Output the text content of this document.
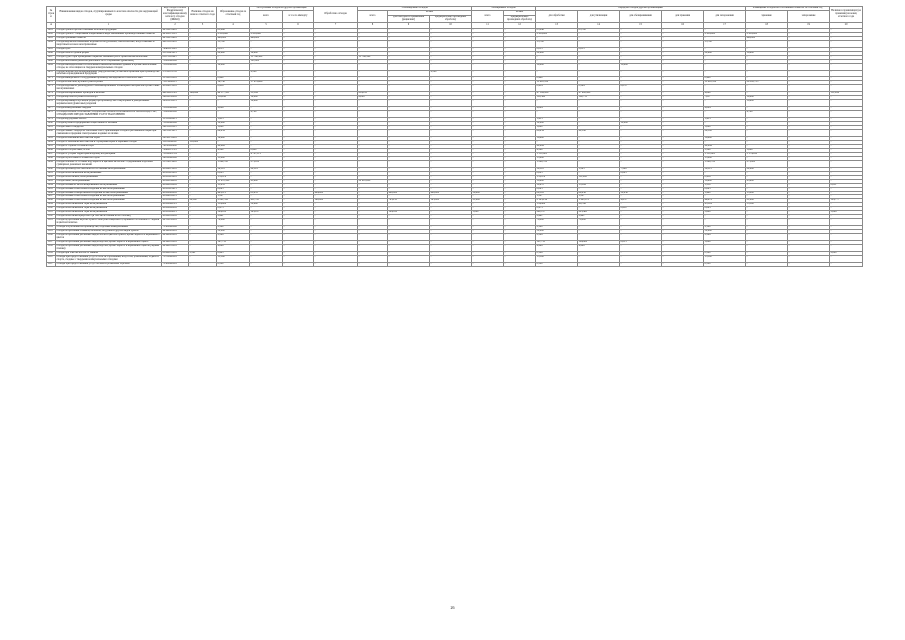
№ строки	Наименование видов отходов, сгруппированных по классам опасности для окружающей среды	Код отхода согласно Федеральному классификационному каталогу отходов (ФККО)	Наличие отходов на начало отчетного года	Образование отходов за отчетный год	Поступление отходов из других организаций		Обработано отходов	Утилизировано отходов			Обезврежено отходов		Передача отходов другим организациям					Размещение отходов на собственных объектах за отчетный год		Наличие в хранилищах (на хранении) на конец отчетного года
					всего	в т.ч. по импорту		всего	из них		всего	из них	для обработки	для утилизации	для обезвреживания	для хранения	для захоронения	хранение	захоронение	
									для повторного применения (рециклинг)	предварительно прошедших обработку		предварительно прошедших обработку								
А	1	2	3	4	5	6	7	8	9	10	11	12	13	14	15	16	17	18	19	20
1061	отходы бумаги при изготовлении печатной продукции	40512211605	-	85,248	-	-	-	-	-	-	-	-	85,248	85,700	-	-	-	-	-	-
1062	отходы бумаги с защитными покрытиями в виде линованных производственных пакетов	40520111525	-	2 938,900	2 938,900	-	-	-	-	-	-	-	2 938,900	-	-	-	2 938,900	2 938,900	-	-
1063	отходы бумажных пакетов	40512211605	-	448,000	448,000	-	-	-	-	-	-	-	-	-	-	-	-	448,000	-	-
1064	отходы кировочно-кашемных изделий из натуральных, синтетических, искусственных и шерстяных волокон незагрязненные	40231110605	-	35,700	-	-	-	-	-	-	-	-	35,700	-	-	-	35,700	-	-	-
1065	отходы пуха	74461111295	-	0,035	-	-	-	-	-	-	-	-	0,035	0,035	-	-	-	-	-	-
1066	отходы сена в годовой форме	23112621215	-	22,600	18,900	-	-	-	-	-	-	-	22,600	-	-	-	22,600	18,900	-	-
1067	отходы грунта при проведении открытых земляных работ практически неопасные	81111112495	-	-	13 766,360	-	-	13 766,360	-	-	-	-	-	-	-	-	-	-	-	-
1068	отходы шпатлевок (включая деятельность по сохранению древесины)	71000000000	-	-	121,000	-	-	-	-	-	-	-	-	-	-	-	-	-	-	-
1069	отходы жизнедеятельности населения в неканализованных зданиях и прочие аналогичные отходы, не относящиеся к твердым коммунальным отходам	73100000000	-	10,000	-	-	-	-	-	-	-	-	10,000	-	10,000	-	-	-	-	-
1070	отходы лечебно-послеоперационных (хирургических) и бытовой практики при производстве кабельно-проводниковой продукции	37230121335	-	-	9,500	-	-	-	-	9,500	-	-	-	-	-	-	-	-	-	-
1071	отходы минерального оборудования производства изделий из стеклопластика	33510181205	-	0,480	-	-	-	-	-	-	-	-	0,480	-	-	-	0,480	-	-	-
1072	отходы из вагонов, кузовов транспортных	71111802215	-	16,736	17 479,666	-	-	-	-	-	-	-	11 491,132	-	-	-	11 491,132	26 102,735	-	-
1073	отходы изделий из диоксидуемого механизированных полимерных материалов прочих таких незагрязненных	43419972205	-	0,414	-	-	-	-	-	-	-	-	0,414	0,544	0,870	-	-	-	-	-
1074	отходы изолированных проводов и кабелей	46210201525	166,096	44 577,521	33,144	-	-	634,913	-	-	-	-	47 399,416	47 962,900	-	-	4,860	-	-	111,284
1075	отходы картона из резин и изолятора	36612141295	-	116,636	10,000	-	-	6,008	-	-	-	-	110,568	102,731	-	-	7,837	10,000	-	-
1076	отходы керамики в кусковой форме при производстве огнеупорных и декоративных керамических (фаянсовых) изделий	34431212215	-	-	18,900	-	-	-	-	-	-	-	-	-	-	-	-	18,900	-	-
1077	отходы коммунальные твердые	73100000000	-	9,884	-	-	-	-	-	-	-	-	9,884	-	-	-	9,884	-	-	-
1078	ОТХОДЫ КОММУНАЛЬНЫЕ, ПОДОБНЫЕ КОММУНАЛЬНЫМ НА ПРОИЗВОДСТВЕ, ОТХОДЫ ПРИ ПРЕДОСТАВЛЕНИИ УСЛУГ НАСЕЛЕНИЮ	73000000000	-	-	4,780	-	-	-	-	-	-	-	-	-	-	-	-	4,780	-	-
1079	отходы корундовые ленточ	13311802215	-	1,413	-	-	-	-	-	-	-	-	1,413	-	-	-	1,413	-	-	-
1080	отходы кухонь и предприятий общественного питания	73610000000	-	12,000	-	-	-	-	-	-	-	-	12,000	-	12,000	-	-	-	-	-
1081	отходы ламп стандартов	36211111615	-	1,800	-	-	-	-	-	-	-	-	1,800	-	-	-	1,800	-	-	-
1082	отходы ламин стандартов тактичные очист, прилежащие отходы в регламенном сырье при смешении и придании спектральных водяных из шлама	36211911615	-	66,934	-	-	-	-	-	-	-	-	66,934	42,342	-	-	24,592	-	-	-
1083	отходы из механической очистки зерна	30116131295	-	16,600	-	-	-	-	-	-	-	-	16,600	-	-	-	16,600	-	-	-
1084	отходы от механической очистки и сортировки зерна в зерновые отходы	11112000000	150,000	-	-	-	-	-	-	-	-	-	-	-	-	-	-	-	-	-
1085	отходы от сорной бол манчестера	74110000000	-	92,099	-	-	-	-	-	-	-	-	92,099	-	-	-	92,099	-	-	-
1086	отходы из сборов быва, оттом	72962111725	-	4,360	0,920	-	-	-	-	-	-	-	4,360	-	-	-	3,360	1,880	-	-
1087	отходы от уборки территорий кладбищ, колумбариев	73120001722	-	-	4 727,071	-	-	-	-	-	-	-	1 551,601	-	-	-	1 551,601	3 174,450	-	-
1088	отходы отработанного хозяйства садов	36120000000	-	15,000	-	-	-	-	-	-	-	-	15,000	-	-	-	15,000	-	-	-
1089	отходы отжатые от сточных вод черного и цветных металлов с содержанием подобных суммарных денежных значений	35709111495	-	1 862,700	275,100	-	-	-	-	-	-	-	1 862,700	-	-	-	1 862,700	275,000	-	-
1090	отходы производства лечебной посол лечения незагрязненные	43414111205	-	39,118	22,119	-	-	-	-	-	-	-	39,118	1,545	7,349	-	39,115	22,000	-	-
1091	отходы полиэтиленовой незагрязненные	43411001205	-	0,885	-	-	-	-	-	-	-	-	0,885	-	0,885	-	-	-	-	-
1092	отходы полиэтилена, незагрязненные	43411001205	-	176,876	-	-	-	-	-	-	-	-	176,876	111,200	-	-	0,936	-	-	-
1093	отходы пакет, незагрязненные	43410199295	-	13 670,190	95,900	-	-	22 910,800	-	-	-	-	18,900	-	-	-	18,900	95,900	-	-
1094	отходы пленки из металлизированных незагрязненные	43418102295	-	15,833	-	-	-	-	-	-	-	-	10,970	13,399	-	-	1,350	-	-	0,011
1095	отходы пленки полиэтилена и изделий из нее незагрязненные	43411012015	-	0,895	-	-	-	-	-	-	-	-	0,895	-	-	-	0,895	-	-	-
1096	отходы пленки полипропилена и изделий из нее незагрязненные	43412002295	-	465,875	85,453	-	484,000	-	400,000	400,000	39,000	-	89,593	69,856	32,030	-	1,490	15,200	-	-
1097	отходы пленки полиэтилена и изделий из нее незагрязненные	43414102215	-	1,327	-	-	-	-	-	-	-	-	1,327	1,327	-	-	-	-	-	-
1098	отходы пленки полиэтилена и изделий из нее незагрязненные	43411002295	28,392	2 891,532	411,795	-	190,000	-	795,215	195,000	21,000	-	2 145,219	1 901,973	9,672	-	44,479	21,000	-	193,777
1099	отходы полиэтиленовой тары незагрязненной	43412006515	-	154,906	52,900	-	-	-	-	-	-	-	154,906	98,766	-	-	43,324	55,300	-	-
1100	отходы полиэтиленовой тары незагрязненной	43412941295	-	0,473	-	-	-	-	-	-	-	-	0,473	-	0,610	-	0,863	-	-	-
1101	отходы полиэтиленовой тары незагрязненной	43411004515	-	304,100	185,197	-	-	-	104,850	-	1,000	-	241,157	225,465	-	-	5,600	-	-	3,049
1102	отходы полиэтилентерефталата (в том числе пленки на его основе)	43418102295	-	2,491	-	-	-	-	-	-	-	-	2,491	2,491	-	-	-	-	-	-
1103	отходы потребления картона бумаги электроизоляционного, крашеного и обычного с черной и цветной печатью	40512141205	-	78,200	-	-	-	-	-	-	-	-	78,200	78,200	-	-	-	-	-	-
1104	Отходы потребления на производстве, подобные коммунальным	73300000000	-	2,100	-	-	-	-	-	-	-	-	2,100	-	-	-	2,100	-	-	-
1105	отходы потребления обоймой, печатной, загрузкой и других видов бумаги	40540081205	-	52,000	-	-	-	-	-	-	-	-	52,000	-	-	-	52,000	-	-	-
1106	отходы потребления различных видов белой и цветной бумаги, кроме черного и коричневого цветов	40540081205	-	2,548	-	-	-	-	-	-	-	-	2,548	-	-	-	2,548	-	-	-
1107	отходы потребления различных видов картона, кроме черного и коричневого цвета	40540181205	-	197,733	-	-	-	-	-	-	-	-	197,733	194,900	0,813	-	1,880	-	-	-
1108	отходы потребления различных видов картона, кроме черного и коричневого цветов (черные пленки)	40540181205	-	4,248	-	-	-	-	-	-	-	-	4,248	4,248	-	-	-	-	-	-
1109	отходы при очистке котлов от накипи	61890181205	2,361	0,465	-	-	-	-	-	-	-	-	0,186	-	-	-	0,300	-	-	2,000
1110	Отходы при предоставлении услуг в области образования, искусства, развлечений, отдыха и спорта, сходные с твердыми коммунальными отходами	73700000005	-	15,300	-	-	-	-	-	-	-	-	15,300	-	-	-	15,300	-	-	-
1111	Отходы при предоставлении услуг оптовой и розничной торговли	73500000005	-	0,520	-	-	-	-	-	-	-	-	0,520	-	-	-	0,520	-	-	-
26
